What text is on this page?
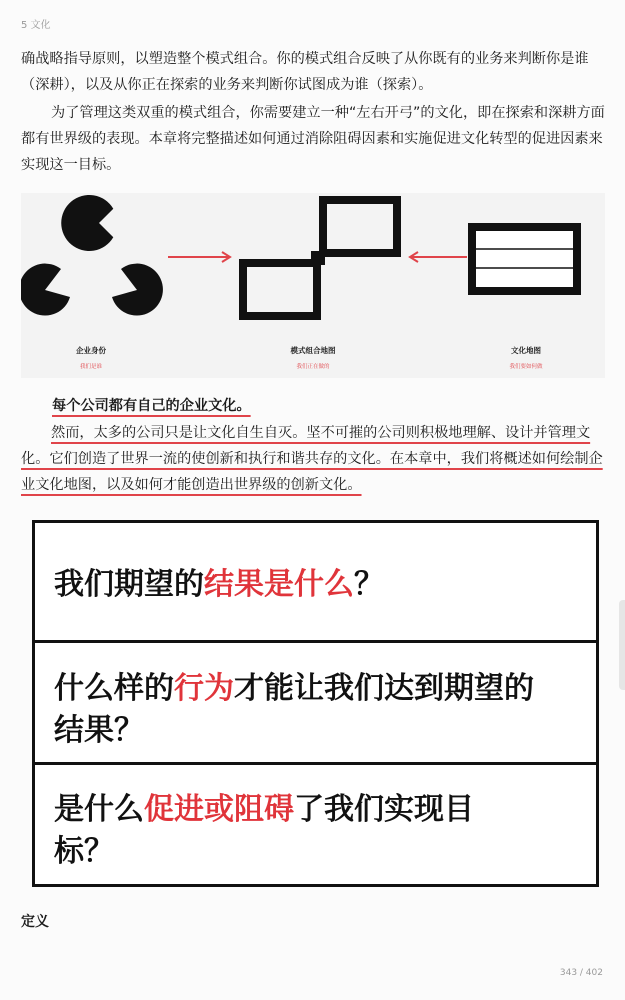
5 文化

确战略指导原则，以塑造整个模式组合。你的模式组合反映了从你既有的业务来判断你是谁（深耕），以及从你正在探索的业务来判断你试图成为谁（探索）。

为了管理这类双重的模式组合，你需要建立一种“左右开弓”的文化，即在探索和深耕方面都有世界级的表现。本章将完整描述如何通过消除阻碍因素和实施促进文化转型的促进因素来实现这一目标。

企业身份
我们是谁
模式组合地图
我们正在做的
文化地图
我们要如何做
每个公司都有自己的企业文化。

然而，太多的公司只是让文化自生自灭。坚不可摧的公司则积极地理解、设计并管理文化。它们创造了世界一流的使创新和执行和谐共存的文化。在本章中，我们将概述如何绘制企业文化地图，以及如何才能创造出世界级的创新文化。

我们期望的结果是什么？
什么样的行为才能让我们达到期望的结果？
是什么促进或阻碍了我们实现目标？
定义
343 / 402
